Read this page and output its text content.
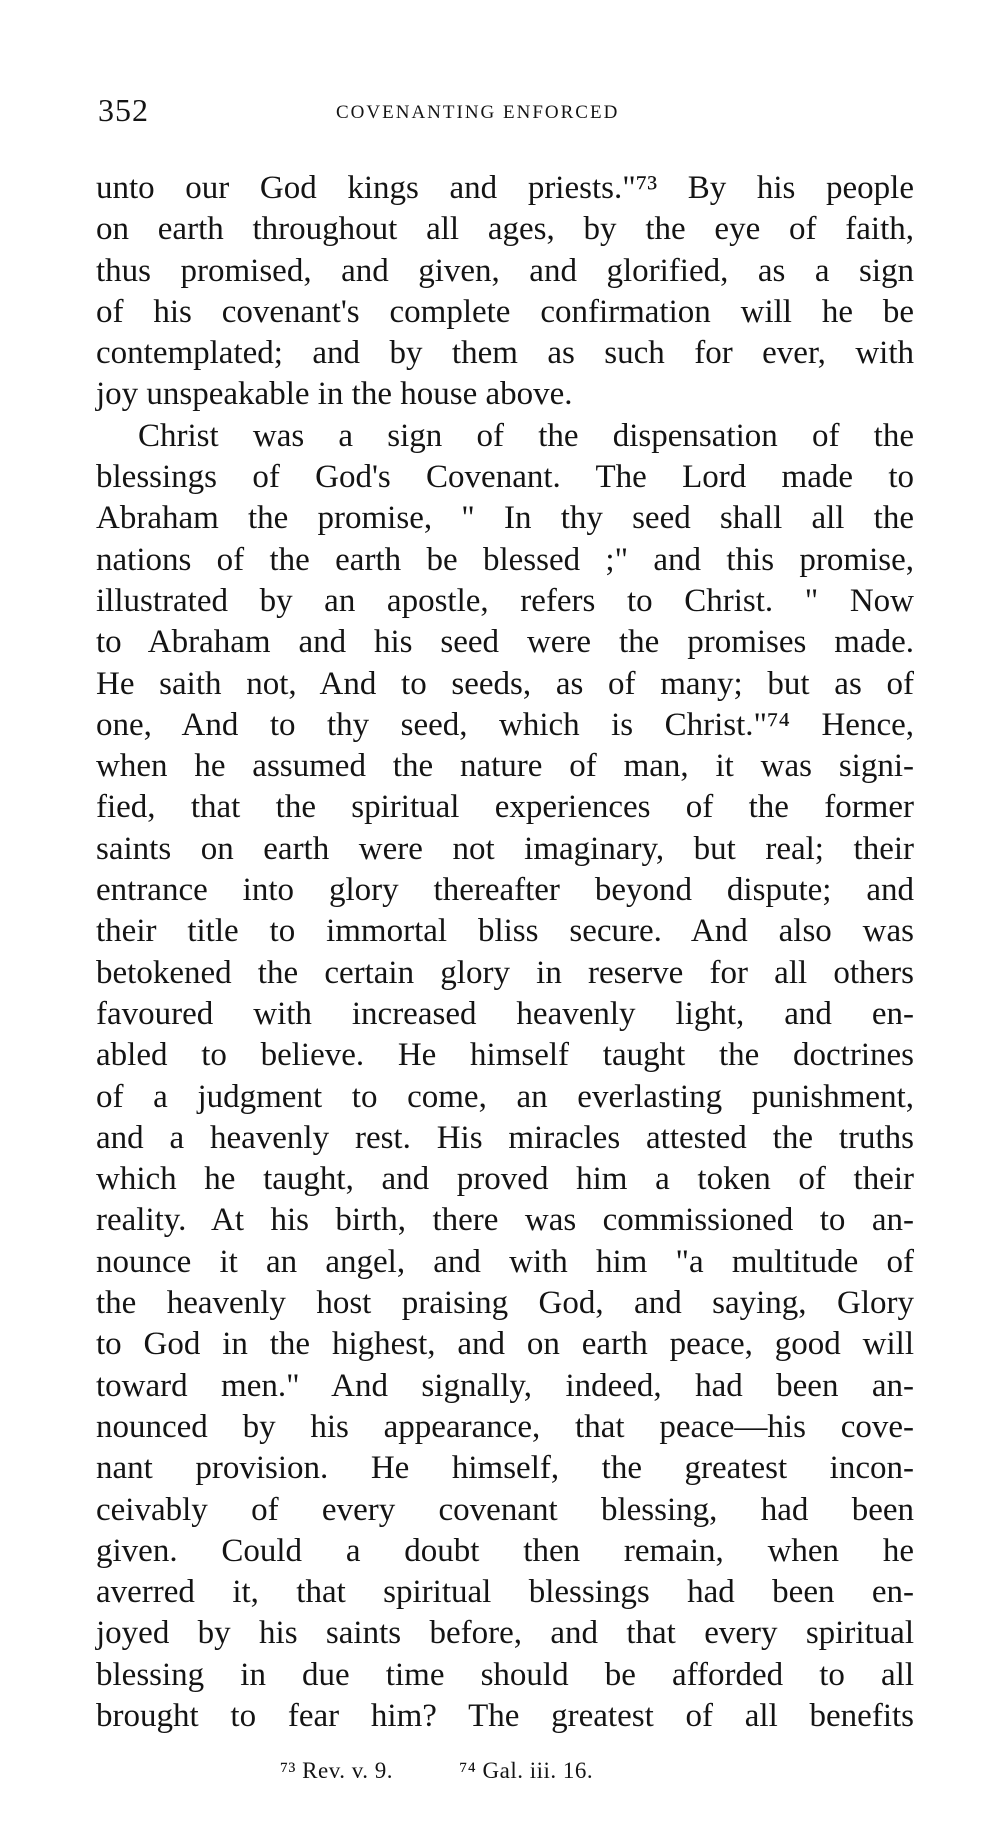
352	COVENANTING ENFORCED
unto our God kings and priests."⁷³ By his people
on earth throughout all ages, by the eye of faith,
thus promised, and given, and glorified, as a sign
of his covenant's complete confirmation will he be
contemplated; and by them as such for ever, with
joy unspeakable in the house above.
Christ was a sign of the dispensation of the
blessings of God's Covenant. The Lord made to
Abraham the promise, " In thy seed shall all the
nations of the earth be blessed ;" and this promise,
illustrated by an apostle, refers to Christ. " Now
to Abraham and his seed were the promises made.
He saith not, And to seeds, as of many; but as of
one, And to thy seed, which is Christ."⁷⁴ Hence,
when he assumed the nature of man, it was signi-
fied, that the spiritual experiences of the former
saints on earth were not imaginary, but real; their
entrance into glory thereafter beyond dispute; and
their title to immortal bliss secure. And also was
betokened the certain glory in reserve for all others
favoured with increased heavenly light, and en-
abled to believe. He himself taught the doctrines
of a judgment to come, an everlasting punishment,
and a heavenly rest. His miracles attested the truths
which he taught, and proved him a token of their
reality. At his birth, there was commissioned to an-
nounce it an angel, and with him "a multitude of
the heavenly host praising God, and saying, Glory
to God in the highest, and on earth peace, good will
toward men." And signally, indeed, had been an-
nounced by his appearance, that peace—his cove-
nant provision. He himself, the greatest incon-
ceivably of every covenant blessing, had been
given. Could a doubt then remain, when he
averred it, that spiritual blessings had been en-
joyed by his saints before, and that every spiritual
blessing in due time should be afforded to all
brought to fear him? The greatest of all benefits
⁷³ Rev. v. 9.	⁷⁴ Gal. iii. 16.
